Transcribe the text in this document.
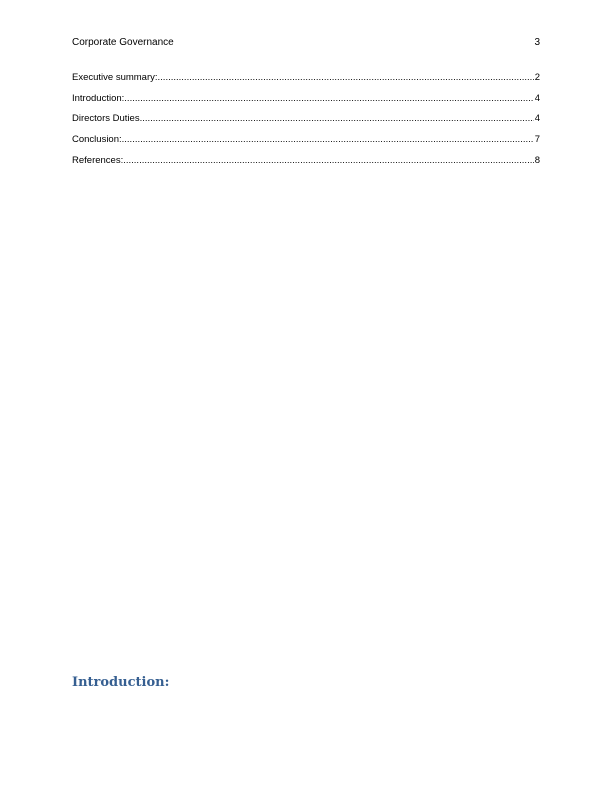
Corporate Governance	3
Executive summary: .....	2
Introduction: .....	4
Directors Duties .....	4
Conclusion: .....	7
References: .....	8
Introduction:
